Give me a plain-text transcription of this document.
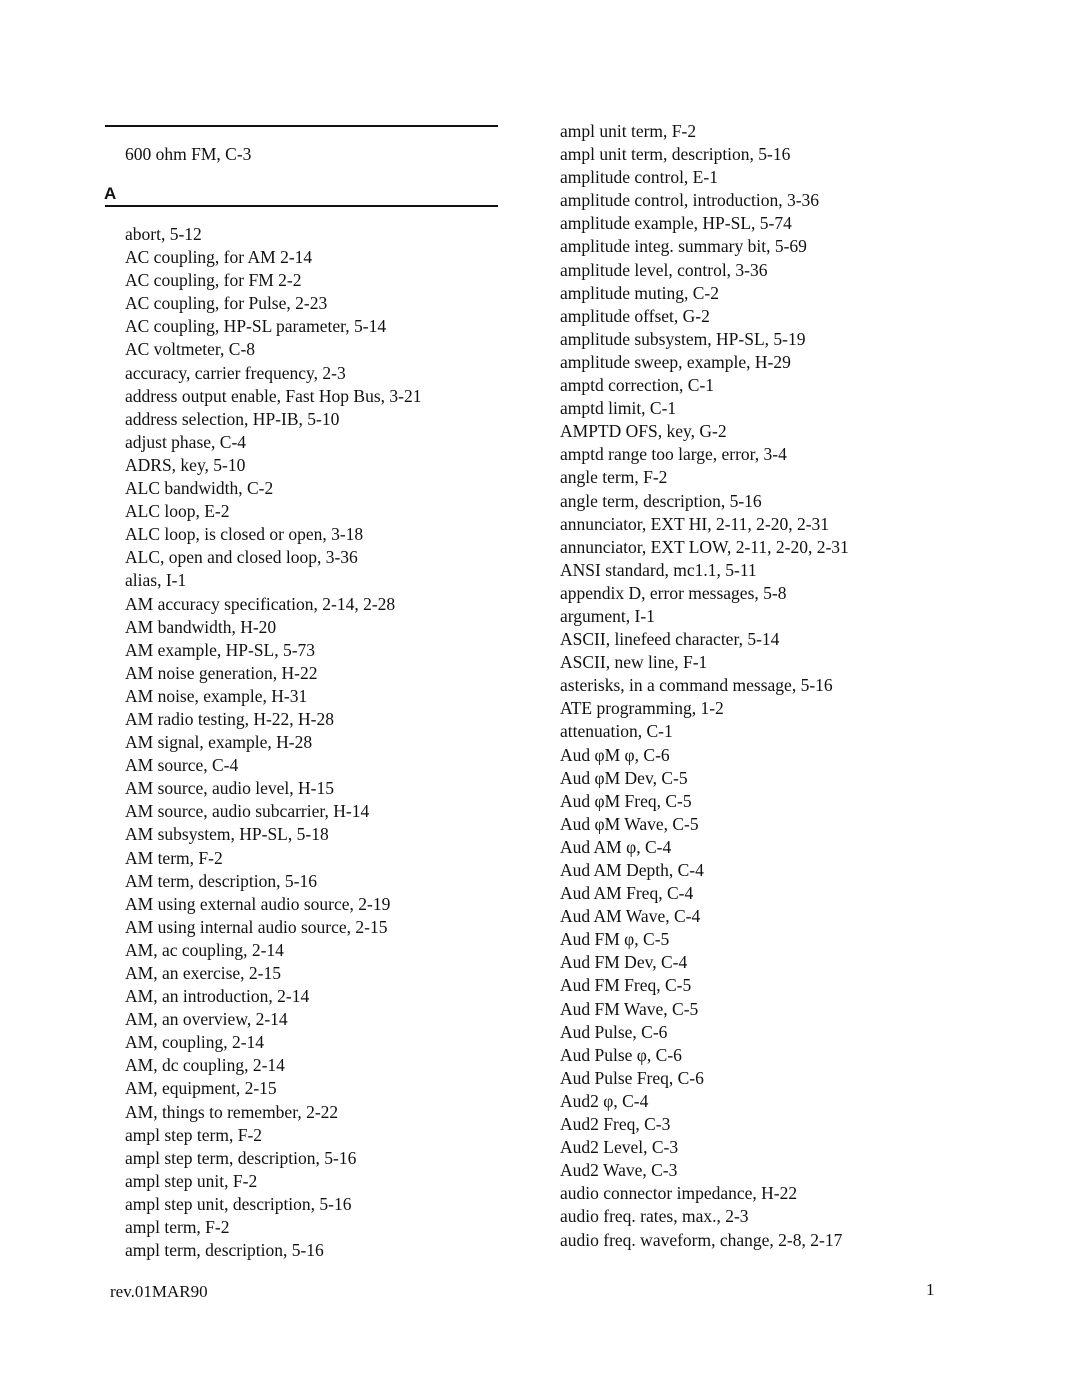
600 ohm FM, C-3
A
abort, 5-12
AC coupling, for AM 2-14
AC coupling, for FM 2-2
AC coupling, for Pulse, 2-23
AC coupling, HP-SL parameter, 5-14
AC voltmeter, C-8
accuracy, carrier frequency, 2-3
address output enable, Fast Hop Bus, 3-21
address selection, HP-IB, 5-10
adjust phase, C-4
ADRS, key, 5-10
ALC bandwidth, C-2
ALC loop, E-2
ALC loop, is closed or open, 3-18
ALC, open and closed loop, 3-36
alias, I-1
AM accuracy specification, 2-14, 2-28
AM bandwidth, H-20
AM example, HP-SL, 5-73
AM noise generation, H-22
AM noise, example, H-31
AM radio testing, H-22, H-28
AM signal, example, H-28
AM source, C-4
AM source, audio level, H-15
AM source, audio subcarrier, H-14
AM subsystem, HP-SL, 5-18
AM term, F-2
AM term, description, 5-16
AM using external audio source, 2-19
AM using internal audio source, 2-15
AM, ac coupling, 2-14
AM, an exercise, 2-15
AM, an introduction, 2-14
AM, an overview, 2-14
AM, coupling, 2-14
AM, dc coupling, 2-14
AM, equipment, 2-15
AM, things to remember, 2-22
ampl step term, F-2
ampl step term, description, 5-16
ampl step unit, F-2
ampl step unit, description, 5-16
ampl term, F-2
ampl term, description, 5-16
ampl unit term, F-2
ampl unit term, description, 5-16
amplitude control, E-1
amplitude control, introduction, 3-36
amplitude example, HP-SL, 5-74
amplitude integ. summary bit, 5-69
amplitude level, control, 3-36
amplitude muting, C-2
amplitude offset, G-2
amplitude subsystem, HP-SL, 5-19
amplitude sweep, example, H-29
amptd correction, C-1
amptd limit, C-1
AMPTD OFS, key, G-2
amptd range too large, error, 3-4
angle term, F-2
angle term, description, 5-16
annunciator, EXT HI, 2-11, 2-20, 2-31
annunciator, EXT LOW, 2-11, 2-20, 2-31
ANSI standard, mc1.1, 5-11
appendix D, error messages, 5-8
argument, I-1
ASCII, linefeed character, 5-14
ASCII, new line, F-1
asterisks, in a command message, 5-16
ATE programming, 1-2
attenuation, C-1
Aud φM φ, C-6
Aud φM Dev, C-5
Aud φM Freq, C-5
Aud φM Wave, C-5
Aud AM φ, C-4
Aud AM Depth, C-4
Aud AM Freq, C-4
Aud AM Wave, C-4
Aud FM φ, C-5
Aud FM Dev, C-4
Aud FM Freq, C-5
Aud FM Wave, C-5
Aud Pulse, C-6
Aud Pulse φ, C-6
Aud Pulse Freq, C-6
Aud2 φ, C-4
Aud2 Freq, C-3
Aud2 Level, C-3
Aud2 Wave, C-3
audio connector impedance, H-22
audio freq. rates, max., 2-3
audio freq. waveform, change, 2-8, 2-17
rev.01MAR90	1
